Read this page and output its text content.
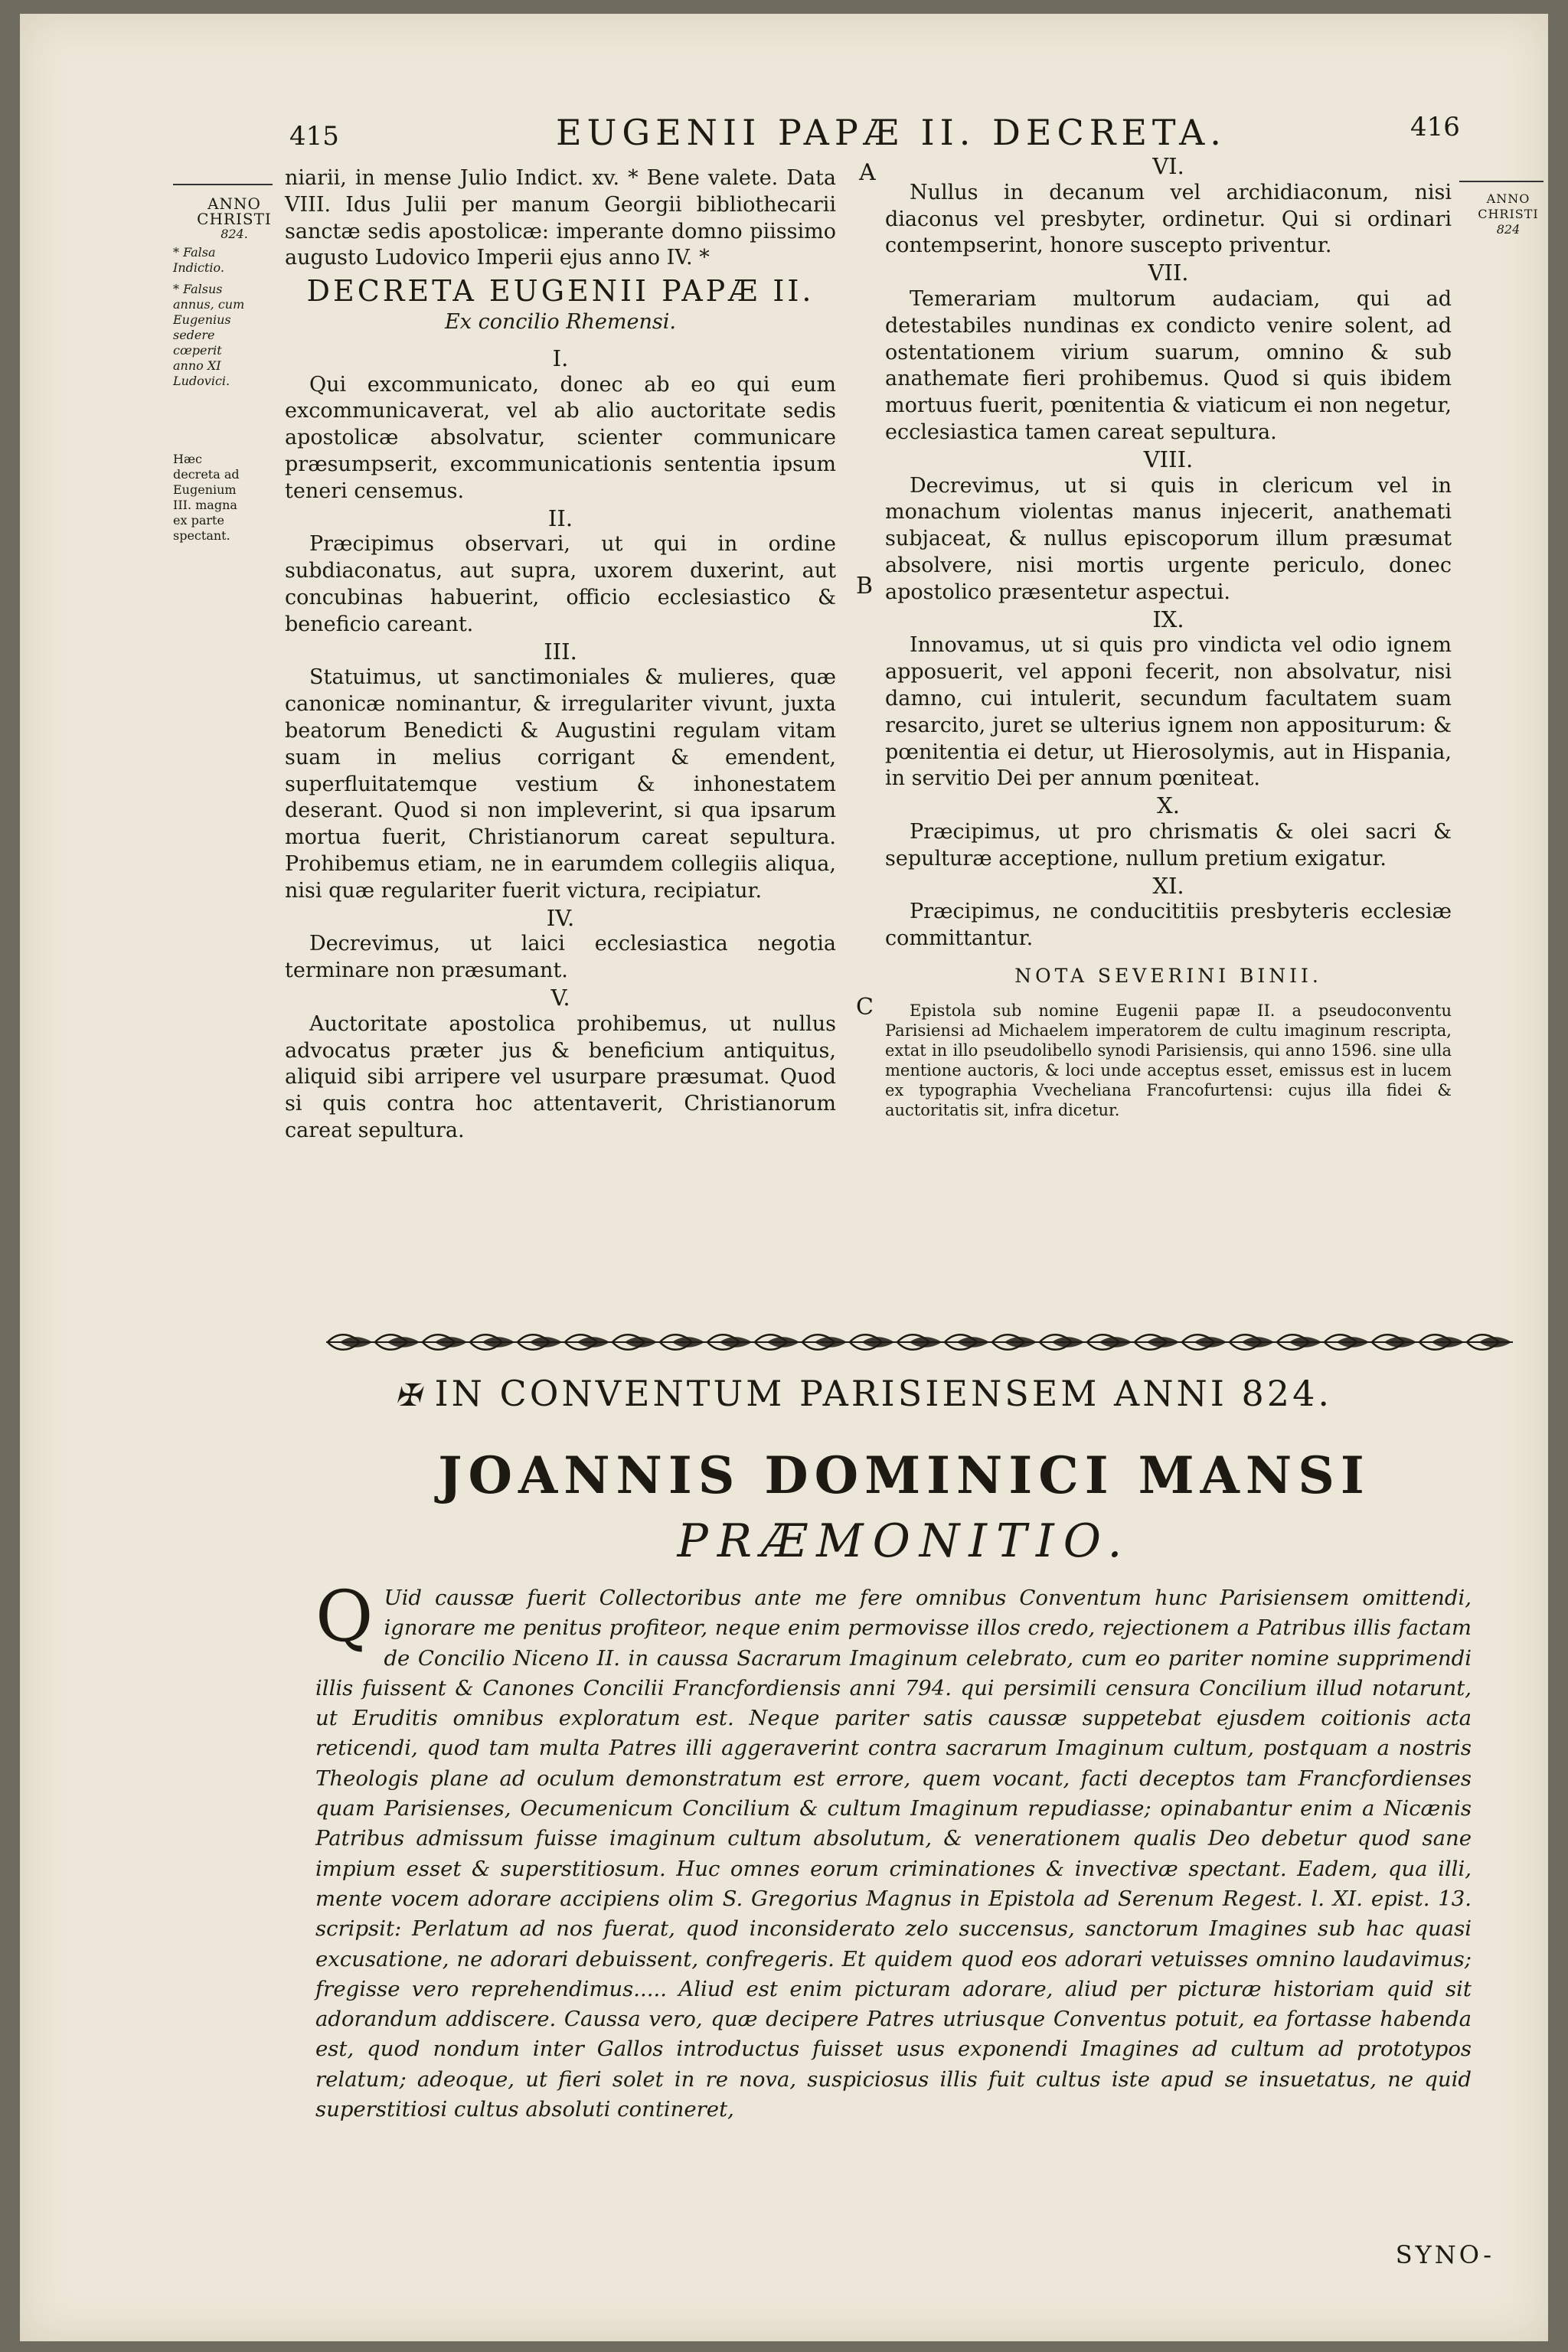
415	EUGENII PAPÆ II. DECRETA.	416
ANNO
CHRISTI
824.
* Falsa Indictio.
* Falsus annus, cum Eugenius sedere cœperit anno XI Ludovici.
Hæc decreta ad Eugenium III. magna ex parte spectant.
ANNO
CHRISTI
824
A
B
C

niarii, in mense Julio Indict. xv. * Bene valete. Data VIII. Idus Julii per manum Georgii bibliothecarii sanctæ sedis apostolicæ: imperante domno piissimo augusto Ludovico Imperii ejus anno IV. *

DECRETA EUGENII PAPÆ II.
Ex concilio Rhemensi.
I.

Qui excommunicato, donec ab eo qui eum excommunicaverat, vel ab alio auctoritate sedis apostolicæ absolvatur, scienter communicare præsumpserit, excommunicationis sententia ipsum teneri censemus.

II.

Præcipimus observari, ut qui in ordine subdiaconatus, aut supra, uxorem duxerint, aut concubinas habuerint, officio ecclesiastico & beneficio careant.

III.

Statuimus, ut sanctimoniales & mulieres, quæ canonicæ nominantur, & irregulariter vivunt, juxta beatorum Benedicti & Augustini regulam vitam suam in melius corrigant & emendent, superfluitatemque vestium & inhonestatem deserant. Quod si non impleverint, si qua ipsarum mortua fuerit, Christianorum careat sepultura. Prohibemus etiam, ne in earumdem collegiis aliqua, nisi quæ regulariter fuerit victura, recipiatur.

IV.

Decrevimus, ut laici ecclesiastica negotia terminare non præsumant.

V.

Auctoritate apostolica prohibemus, ut nullus advocatus præter jus & beneficium antiquitus, aliquid sibi arripere vel usurpare præsumat. Quod si quis contra hoc attentaverit, Christianorum careat sepultura.

VI.

Nullus in decanum vel archidiaconum, nisi diaconus vel presbyter, ordinetur. Qui si ordinari contempserint, honore suscepto priventur.

VII.

Temerariam multorum audaciam, qui ad detestabiles nundinas ex condicto venire solent, ad ostentationem virium suarum, omnino & sub anathemate fieri prohibemus. Quod si quis ibidem mortuus fuerit, pœnitentia & viaticum ei non negetur, ecclesiastica tamen careat sepultura.

VIII.

Decrevimus, ut si quis in clericum vel in monachum violentas manus injecerit, anathemati subjaceat, & nullus episcoporum illum præsumat absolvere, nisi mortis urgente periculo, donec apostolico præsentetur aspectui.

IX.

Innovamus, ut si quis pro vindicta vel odio ignem apposuerit, vel apponi fecerit, non absolvatur, nisi damno, cui intulerit, secundum facultatem suam resarcito, juret se ulterius ignem non appositurum: & pœnitentia ei detur, ut Hierosolymis, aut in Hispania, in servitio Dei per annum pœniteat.

X.

Præcipimus, ut pro chrismatis & olei sacri & sepulturæ acceptione, nullum pretium exigatur.

XI.

Præcipimus, ne conducititiis presbyteris ecclesiæ committantur.

NOTA SEVERINI BINII.

Epistola sub nomine Eugenii papæ II. a pseudoconventu Parisiensi ad Michaelem imperatorem de cultu imaginum rescripta, extat in illo pseudolibello synodi Parisiensis, qui anno 1596. sine ulla mentione auctoris, & loci unde acceptus esset, emissus est in lucem ex typographia Vvecheliana Francofurtensi: cujus illa fidei & auctoritatis sit, infra dicetur.

✠ IN CONVENTUM PARISIENSEM ANNI 824.
JOANNIS DOMINICI MANSI
PRÆMONITIO.
Q Uid caussæ fuerit Collectoribus ante me fere omnibus Conventum hunc Parisiensem omittendi, ignorare me penitus profiteor, neque enim permovisse illos credo, rejectionem a Patribus illis factam de Concilio Niceno II. in caussa Sacrarum Imaginum celebrato, cum eo pariter nomine supprimendi illis fuissent & Canones Concilii Francfordiensis anni 794. qui persimili censura Concilium illud notarunt, ut Eruditis omnibus exploratum est. Neque pariter satis caussæ suppetebat ejusdem coitionis acta reticendi, quod tam multa Patres illi aggeraverint contra sacrarum Imaginum cultum, postquam a nostris Theologis plane ad oculum demonstratum est errore, quem vocant, facti deceptos tam Francfordienses quam Parisienses, Oecumenicum Concilium & cultum Imaginum repudiasse; opinabantur enim a Nicænis Patribus admissum fuisse imaginum cultum absolutum, & venerationem qualis Deo debetur quod sane impium esset & superstitiosum. Huc omnes eorum criminationes & invectivæ spectant. Eadem, qua illi, mente vocem adorare accipiens olim S. Gregorius Magnus in Epistola ad Serenum Regest. l. XI. epist. 13. scripsit: Perlatum ad nos fuerat, quod inconsiderato zelo succensus, sanctorum Imagines sub hac quasi excusatione, ne adorari debuissent, confregeris. Et quidem quod eos adorari vetuisses omnino laudavimus; fregisse vero reprehendimus..... Aliud est enim picturam adorare, aliud per picturæ historiam quid sit adorandum addiscere. Caussa vero, quæ decipere Patres utriusque Conventus potuit, ea fortasse habenda est, quod nondum inter Gallos introductus fuisset usus exponendi Imagines ad cultum ad prototypos relatum; adeoque, ut fieri solet in re nova, suspiciosus illis fuit cultus iste apud se insuetatus, ne quid superstitiosi cultus absoluti contineret,
SYNO-
